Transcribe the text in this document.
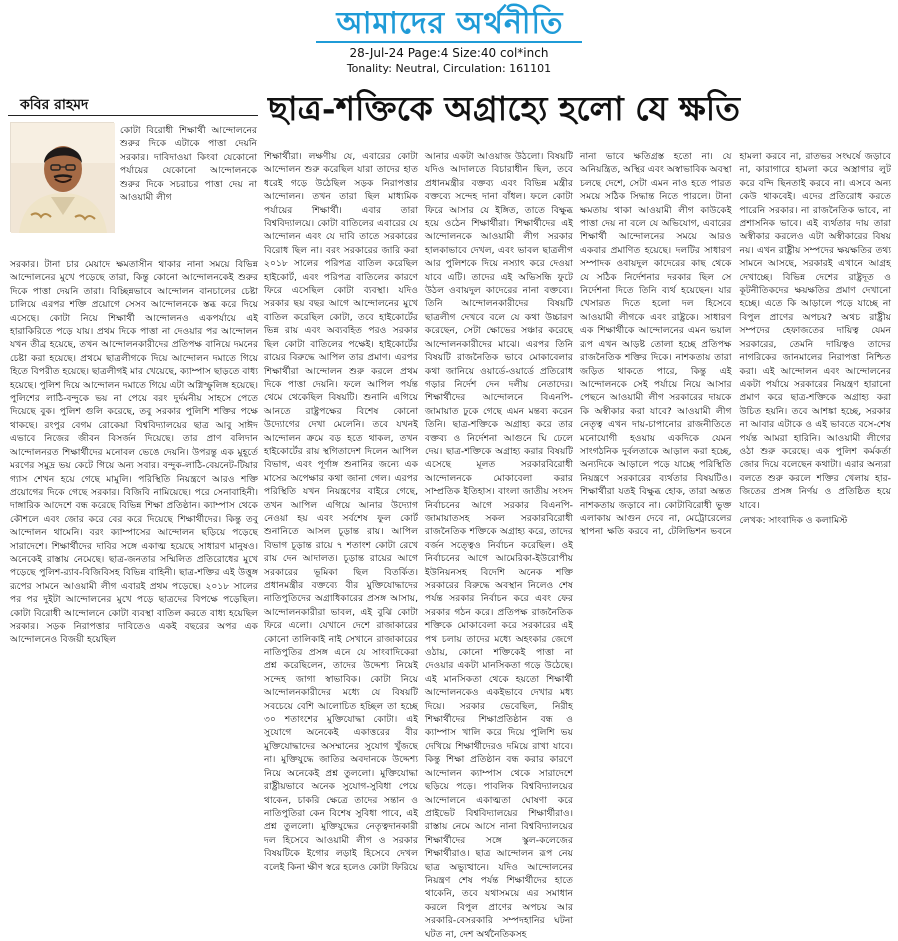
আমাদের অর্থনীতি
28-Jul-24 Page:4 Size:40 col*inch
Tonality: Neutral, Circulation: 161101
কবির রাহমদ	ছাত্র-শক্তিকে অগ্রাহ্যে হলো যে ক্ষতি

কোটা বিরোধী শিক্ষার্থী আন্দোলনের শুরুর দিকে এটাকে পাত্তা দেয়নি সরকার। দাবিদাওয়া কিংবা যেকোনো পর্যায়ের যেকোনো আন্দোলনকে শুরুর দিকে সচরাচর পাত্তা দেয় না আওয়ামী লীগ

সরকার। টানা চার মেয়াদে ক্ষমতাসীন থাকার নানা সময়ে বিভিন্ন আন্দোলনের মুখে পড়েছে তারা, কিন্তু কোনো আন্দোলনকেই শুরুর দিকে পাত্তা দেয়নি তারা। বিচ্ছিন্নভাবে আন্দোলন বানচালের চেষ্টা চালিয়ে এরপর শক্তি প্রয়োগে সেসব আন্দোলনকে স্তব্ধ করে দিয়ে এসেছে। কোটা নিয়ে শিক্ষার্থী আন্দোলনও একপর্যায়ে এই হারাকিরিতে পড়ে যায়। প্রথম দিকে পাত্তা না দেওয়ার পর আন্দোলন যখন তীব্র হয়েছে, তখন আন্দোলনকারীদের প্রতিপক্ষ বানিয়ে দমনের চেষ্টা করা হয়েছে। প্রথমে ছাত্রলীগকে দিয়ে আন্দোলন দমাতে গিয়ে হিতে বিপরীত হয়েছে। ছাত্রলীগই মার খেয়েছে, ক্যাম্পাস ছাড়তে বাধ্য হয়েছে। পুলিশ দিয়ে আন্দোলন দমাতে গিয়ে এটা অগ্নিস্ফুলিঙ্গ হয়েছে। পুলিশের লাঠি-বন্দুকে ভয় না পেয়ে বরং দুর্দমনীয় সাহসে পেতে দিয়েছে বুক। পুলিশ গুলি করেছে, তবু সরকার পুলিশি শক্তির পক্ষে থাকছে। রংপুর বেগম রোকেয়া বিশ্ববিদ্যালয়ের ছাত্র আবু সাঈদ এভাবে নিজের জীবন বিসর্জন দিয়েছে। তার প্রাণ বলিদান আন্দোলনরত শিক্ষার্থীদের মনোবল ভেঙে দেয়নি। উপরন্তু এক মুহূর্তে মরণের সমুদ্র ভয় কেটে গিয়ে অন্য সবার। বন্দুক-লাঠি-বেয়নেট-টিয়ার গ্যাস শেখন হয়ে গেছে মামুলি। পরিস্থিতি নিয়ন্ত্রণে আরও শক্তি প্রয়োগের দিকে গেছে সরকার। বিজিবি নামিয়েছে। পরে সেনাবাহিনী। দাঙ্গারিক আদেশে বন্ধ করেছে বিভিন্ন শিক্ষা প্রতিষ্ঠান। ক্যাম্পাস থেকে কৌশলে এবং জোর করে বের করে দিয়েছে শিক্ষার্থীদের। কিন্তু তবু আন্দোলন থামেনি। বরং ক্যাম্পাসের আন্দোলন ছড়িয়ে পড়েছে সারাদেশে। শিক্ষার্থীদের দাবির সঙ্গে একাত্ম হয়েছে সাধারণ মানুষও। অনেকেই রাস্তায় নেমেছে। ছাত্র-জনতার সম্মিলিত প্রতিরোধের মুখে পড়েছে পুলিশ-র‍্যাব-বিজিবিসহ বিভিন্ন বাহিনী। ছাত্র-শক্তির এই উত্তুঙ্গ রূপের সামনে আওয়ামী লীগ এবারই প্রথম পড়েছে। ২০১৮ সালের পর পর দুইটা আন্দোলনের মুখে পড়ে ছাত্রদের বিপক্ষে পড়েছিল। কোটা বিরোধী আন্দোলনে কোটা ব্যবস্থা বাতিল করতে বাধ্য হয়েছিল সরকার। সড়ক নিরাপত্তার দাবিতেও একই বছরের অপর এক আন্দোলনেও বিজয়ী হয়েছিল

শিক্ষার্থীরা। লক্ষণীয় যে, এবারের কোটা আন্দোলন শুরু করেছিল যারা তাদের হাত ধরেই গড়ে উঠেছিল সড়ক নিরাপত্তার আন্দোলন। তখন তারা ছিল মাধ্যমিক পর্যায়ের শিক্ষার্থী। এবার তারা বিশ্ববিদ্যালয়ে। কোটা বাতিলের এবারের যে আন্দোলন এবং যে দাবি তাতে সরকারের বিরোধ ছিল না। বরং সরকারের জারি করা ২০১৮ সালের পরিপত্র বাতিল করেছিল হাইকোর্ট, এবং পরিপত্র বাতিলের কারণে ফিরে এসেছিল কোটা ব্যবস্থা। যদিও সরকার ছয় বছর আগে আন্দোলনের মুখে বাতিল করেছিল কোটা, তবে হাইকোর্টের ভিন্ন রায় এবং অব্যবহিত পরও সরকার ছিল কোটা বাতিলের পক্ষেই। হাইকোর্টের রায়ের বিরুদ্ধে আপিল তার প্রমাণ। এরপর শিক্ষার্থীরা আন্দোলন শুরু করলে প্রথম দিকে পাত্তা দেয়নি। ফলে আপিল পর্যন্ত থেমে থেকেছিল বিষয়টি। শুনানি এগিয়ে আনতে রাষ্ট্রপক্ষের বিশেষ কোনো উদ্যোগের দেখা মেলেনি। তবে যখনই আন্দোলন ক্রমে বড় হতে থাকল, তখন হাইকোর্টের রায় স্থগিতাদেশ দিলেন আপিল বিভাগ, এবং পূর্ণাঙ্গ শুনানির জন্যে এক মাসের অপেক্ষার কথা জানা গেল। এরপর পরিস্থিতি যখন নিয়ন্ত্রণের বাইরে গেছে, তখন আপিল এগিয়ে আনার উদ্যোগ নেওয়া হয় এবং সর্বশেষ ফুল কোর্ট শুনানিতে আসল চূড়ান্ত রায়। আপিল বিভাগ চূড়ান্ত রায়ে ৭ শতাংশ কোটা রেখে রায় দেন আদালত। চূড়ান্ত রায়ের আগে সরকারের ভূমিকা ছিল বিতর্কিত। প্রধানমন্ত্রীর বক্তব্যে বীর মুক্তিযোদ্ধাদের নাতিপুতিদের অগ্রাধিকারের প্রসঙ্গ আসায়, আন্দোলনকারীরা ভাবল, এই বুঝি কোটা ফিরে এলো। যেখানে দেশে রাজাকারের কোনো তালিকাই নাই সেখানে রাজাকারের নাতিপুতির প্রসঙ্গ এনে যে সাংবাদিকেরা প্রশ্ন করেছিলেন, তাদের উদ্দেশ্য নিয়েই সন্দেহ জাগা স্বাভাবিক। কোটা নিয়ে আন্দোলনকারীদের মধ্যে যে বিষয়টি সবচেয়ে বেশি আলোচিত হচ্ছিল তা হচ্ছে ৩০ শতাংশের মুক্তিযোদ্ধা কোটা। এই সুযোগে অনেকেই একাত্তরের বীর মুক্তিযোদ্ধাদের অসম্মানের সুযোগ খুঁজছে না। মুক্তিযুদ্ধে জাতির অবদানকে উদ্দেশ্য নিয়ে অনেকেই প্রশ্ন তুললো। মুক্তিযোদ্ধা রাষ্ট্রীয়ভাবে অনেক সুযোগ-সুবিধা পেয়ে থাকেন, চাকরি ক্ষেত্রে তাদের সন্তান ও নাতিপুতিরা কেন বিশেষ সুবিধা পাবে, এই প্রশ্ন তুললো। মুক্তিযুদ্ধের নেতৃত্বদানকারী দল হিসেবে আওয়ামী লীগ ও সরকার বিষয়টিকে ইগোর লড়াই হিসেবে দেখল বলেই কিনা ক্ষীণ স্বরে হলেও কোটা ফিরিয়ে

আনার একটা আওয়াজ উঠলো। বিষয়টি যদিও আদালতে বিচারাধীন ছিল, তবে প্রধানমন্ত্রীর বক্তব্য এবং বিভিন্ন মন্ত্রীর বক্তব্যে সন্দেহ দানা বাঁধল। ফলে কোটা ফিরে আসার যে ইঙ্গিত, তাতে বিক্ষুব্ধ হয়ে ওঠেন শিক্ষার্থীরা। শিক্ষার্থীদের এই আন্দোলনকে আওয়ামী লীগ সরকার হালকাভাবে দেখল, এবং ভাবল ছাত্রলীগ আর পুলিশকে দিয়ে নস্যাৎ করে দেওয়া যাবে এটি। তাদের এই অভিসন্ধি ফুটে উঠল ওবায়দুল কাদেরের নানা বক্তব্যে। তিনি আন্দোলনকারীদের বিষয়টি ছাত্রলীগ দেখবে বলে যে কথা উচ্চারণ করেছেন, সেটা ক্ষোভের সঞ্চার করেছে আন্দোলনকারীদের মাঝে। এরপর তিনি বিষয়টি রাজনৈতিক ভাবে মোকাবেলার কথা জানিয়ে ওয়ার্ডে-ওয়ার্ডে প্রতিরোধ গড়ার নির্দেশ দেন দলীয় নেতাদের। শিক্ষার্থীদের আন্দোলনে বিএনপি-জামায়াত ঢুকে গেছে এমন মন্তব্য করেন তিনি। ছাত্র-শক্তিকে অগ্রাহ্য করে তার বক্তব্য ও নির্দেশনা আগুনে ঘি ঢেলে দেয়। ছাত্র-শক্তিকে অগ্রাহ্য করার বিষয়টি এসেছে মূলত সরকারবিরোধী আন্দোলনকে মোকাবেলা করার সাম্প্রতিক ইতিহাস। বাংলা জাতীয় সংসদ নির্বাচনের আগে সরকার বিএনপি-জামায়াতসহ সকল সরকারবিরোধী রাজনৈতিক শক্তিকে অগ্রাহ্য করে, তাদের বর্জন সত্ত্বেও নির্বাচন করেছিল। ওই নির্বাচনের আগে আমেরিকা-ইউরোপীয় ইউনিয়নসহ বিদেশি অনেক শক্তি সরকারের বিরুদ্ধে অবস্থান নিলেও শেষ পর্যন্ত সরকার নির্বাচন করে এবং ফের সরকার গঠন করে। প্রতিপক্ষ রাজনৈতিক শক্তিকে মোকাবেলা করে সরকারের এই পথ চলায় তাদের মধ্যে অহংকার জেগে ওঠায়, কোনো শক্তিকেই পাত্তা না দেওয়ার একটা মানসিকতা গড়ে উঠেছে। এই মানসিকতা থেকে হয়তো শিক্ষার্থী আন্দোলনকেও একইভাবে দেখার মধ্য দিয়ে। সরকার ভেবেছিল, নিরীহ শিক্ষার্থীদের শিক্ষাপ্রতিষ্ঠান বন্ধ ও ক্যাম্পাস খালি করে দিয়ে পুলিশি ভয় দেখিয়ে শিক্ষার্থীদেরও দমিয়ে রাখা যাবে। কিন্তু শিক্ষা প্রতিষ্ঠান বন্ধ করার কারণে আন্দোলন ক্যাম্পাস থেকে সারাদেশে ছড়িয়ে পড়ে। পাবলিক বিশ্ববিদ্যালয়ের আন্দোলনে একাত্মতা ঘোষণা করে প্রাইভেট বিশ্ববিদ্যালয়ের শিক্ষার্থীরাও। রাস্তায় নেমে আসে নানা বিশ্ববিদ্যালয়ের শিক্ষার্থীদের সঙ্গে স্কুল-কলেজের শিক্ষার্থীরাও। ছাত্র আন্দোলন রূপ নেয় ছাত্র অভ্যুত্থানে। যদিও আন্দোলনের নিয়ন্ত্রণ শেষ পর্যন্ত শিক্ষার্থীদের হাতে থাকেনি, তবে যথাসময়ে এর সমাধান করলে বিপুল প্রাণের অপচয় আর সরকারি-বেসরকারি সম্পদহানির ঘটনা ঘটত না, দেশ অর্থনৈতিকসহ

নানা ভাবে ক্ষতিগ্রস্ত হতো না। যে অনিয়ন্ত্রিত, অস্থির এবং অস্বাভাবিক অবস্থা চলছে দেশে, সেটা এমন নাও হতে পারত সময়ে সঠিক সিদ্ধান্ত নিতে পারলে। টানা ক্ষমতায় থাকা আওয়ামী লীগ কাউকেই পাত্তা দেয় না বলে যে অভিযোগ, এবারের শিক্ষার্থী আন্দোলনের সময়ে আরও একবার প্রমাণিত হয়েছে। দলটির সাধারণ সম্পাদক ওবায়দুল কাদেরের কাছ থেকে যে সঠিক নির্দেশনার দরকার ছিল সে নির্দেশনা দিতে তিনি ব্যর্থ হয়েছেন। যার খেসারত দিতে হলো দল হিসেবে আওয়ামী লীগকে এবং রাষ্ট্রকে। সাধারণ এক শিক্ষার্থীকে আন্দোলনের এমন ভয়াল রূপ এখন আড়ষ্ট তোলা হচ্ছে প্রতিপক্ষ রাজনৈতিক শক্তির দিকে। নাশকতায় তারা জড়িত থাকতে পারে, কিন্তু এই আন্দোলনকে সেই পর্যায়ে নিয়ে আসার পেছনে আওয়ামী লীগ সরকারের দায়কে কি অস্বীকার করা যাবে? আওয়ামী লীগ নেতৃত্ব এখন দায়-চাপানোর রাজনীতিতে মনোযোগী হওয়ায় একদিকে যেমন সাংগঠনিক দুর্বলতাকে আড়াল করা হচ্ছে, অন্যদিকে আড়ালে পড়ে যাচ্ছে পরিস্থিতি নিয়ন্ত্রণে সরকারের ব্যর্থতার বিষয়টিও। শিক্ষার্থীরা যতই বিক্ষুব্ধ হোক, তারা অন্তত নাশকতায় জড়াবে না। কোটাবিরোধী ভুক্ত এলাকায় আগুন দেবে না, মেট্রোরেলের স্থাপনা ক্ষতি করবে না, টেলিভিশন ভবনে হামলা করবে না, রাতভর সংঘর্ষে জড়াবে না, কারাগারে হামলা করে অস্ত্রাগার লুট করে বন্দি ছিনতাই করবে না। এসবে অন্য কেউ থাকবেই। এদের প্রতিরোধ করতে পারেনি সরকার। না রাজনৈতিক ভাবে, না প্রশাসনিক ভাবে। এই ব্যর্থতার দায় তারা অস্বীকার করলেও এটা অস্বীকারের বিষয় নয়। এখন রাষ্ট্রীয় সম্পদের ক্ষয়ক্ষতির তথ্য সামনে আসছে, সরকারই এখানে আগ্রহ দেখাচ্ছে। বিভিন্ন দেশের রাষ্ট্রদূত ও কূটনীতিকদের ক্ষয়ক্ষতির প্রমাণ দেখানো হচ্ছে। এতে কি আড়ালে পড়ে যাচ্ছে না বিপুল প্রাণের অপচয়? অথচ রাষ্ট্রীয় সম্পদের হেফাজতের দায়িত্ব যেমন সরকারের, তেমনি দায়িত্বও তাদের নাগরিকের জানমালের নিরাপত্তা নিশ্চিত করা। এই আন্দোলন এবং আন্দোলনের একটা পর্যায়ে সরকারের নিয়ন্ত্রণ হারানো প্রমাণ করে ছাত্র-শক্তিকে অগ্রাহ্য করা উচিত হয়নি। তবে আশঙ্কা হচ্ছে, সরকার না আবার এটাকে ও এই ভাবতে বসে-শেষ পর্যন্ত আমরা হারিনি। আওয়ামী লীগের ওঠা শুরু করেছে। এক পুলিশ কর্মকর্তা জোর দিয়ে বলেছেন কথাটা। এরার অন্যরা বলতে শুরু করলে শক্তির খেলায় হার-জিতের প্রসঙ্গ নির্ণয় ও প্রতিষ্ঠিত হয়ে যাবে।

লেখক: সাংবাদিক ও কলামিস্ট
